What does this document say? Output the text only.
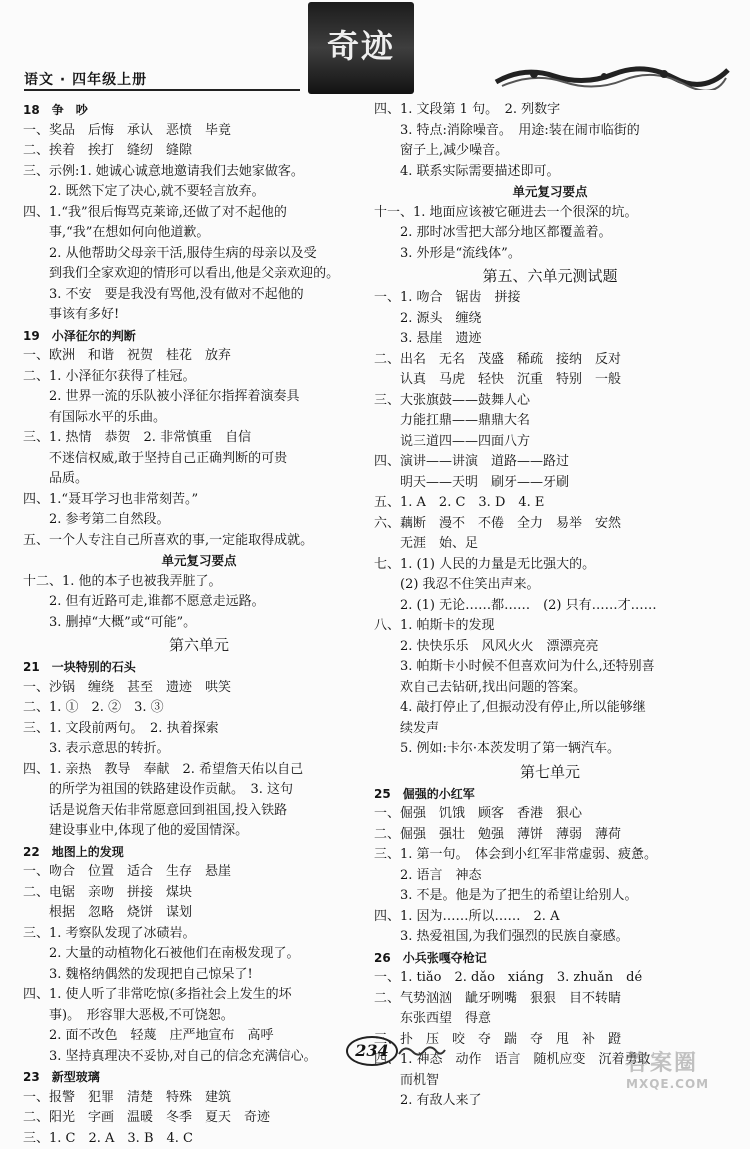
语文 · 四年级上册
奇迹
18　争　吵
一、奖品　后悔　承认　恶愤　毕竟
二、挨着　挨打　缝纫　缝隙
三、示例:1. 她诚心诚意地邀请我们去她家做客。
　　2. 既然下定了决心,就不要轻言放弃。
四、1.“我”很后悔骂克莱谛,还做了对不起他的
　　事,“我”在想如何向他道歉。
　　2. 从他帮助父母亲干活,服侍生病的母亲以及受
　　到我们全家欢迎的情形可以看出,他是父亲欢迎的。
　　3. 不安　要是我没有骂他,没有做对不起他的
　　事该有多好!
19　小泽征尔的判断
一、欧洲　和谐　祝贺　桂花　放弃
二、1. 小泽征尔获得了桂冠。
　　2. 世界一流的乐队被小泽征尔指挥着演奏具
　　有国际水平的乐曲。
三、1. 热情　恭贺　2. 非常慎重　自信
　　不迷信权威,敢于坚持自己正确判断的可贵
　　品质。
四、1.“聂耳学习也非常刻苦。”
　　2. 参考第二自然段。
五、一个人专注自己所喜欢的事,一定能取得成就。
单元复习要点
十二、1. 他的本子也被我弄脏了。
　　2. 但有近路可走,谁都不愿意走远路。
　　3. 删掉“大概”或“可能”。
第六单元
21　一块特别的石头
一、沙锅　缠绕　甚至　遗迹　哄笑
二、1. ①　2. ②　3. ③
三、1. 文段前两句。　2. 执着探索
　　3. 表示意思的转折。
四、1. 亲热　教导　奉献　2. 希望詹天佑以自己
　　的所学为祖国的铁路建设作贡献。　3. 这句
　　话是说詹天佑非常愿意回到祖国,投入铁路
　　建设事业中,体现了他的爱国情深。
22　地图上的发现
一、吻合　位置　适合　生存　悬崖
二、电锯　亲吻　拼接　煤块
　　根据　忽略　烧饼　谋划
三、1. 考察队发现了冰碛岩。
　　2. 大量的动植物化石被他们在南极发现了。
　　3. 魏格纳偶然的发现把自己惊呆了!
四、1. 使人听了非常吃惊(多指社会上发生的坏
　　事)。　形容罪大恶极,不可饶恕。
　　2. 面不改色　轻蔑　庄严地宣布　高呼
　　3. 坚持真理决不妥协,对自己的信念充满信心。
23　新型玻璃
一、报警　犯罪　清楚　特殊　建筑
二、阳光　字画　温暖　冬季　夏天　奇迹
三、1. C　2. A　3. B　4. C
四、1. 文段第 1 句。　2. 列数字
　　3. 特点:消除噪音。　用途:装在闹市临街的
　　窗子上,减少噪音。
　　4. 联系实际需要描述即可。
单元复习要点
十一、1. 地面应该被它砸进去一个很深的坑。
　　2. 那时冰雪把大部分地区都覆盖着。
　　3. 外形是“流线体”。
第五、六单元测试题
一、1. 吻合　锯齿　拼接
　　2. 源头　缠绕
　　3. 悬崖　遗迹
二、出名　无名　茂盛　稀疏　接纳　反对
　　认真　马虎　轻快　沉重　特别　一般
三、大张旗鼓——鼓舞人心
　　力能扛鼎——鼎鼎大名
　　说三道四——四面八方
四、演讲——讲演　道路——路过
　　明天——天明　刷牙——牙刷
五、1. A　2. C　3. D　4. E
六、藕断　漫不　不倦　全力　易举　安然
　　无涯　始、足
七、1. (1) 人民的力量是无比强大的。
　　(2) 我忍不住笑出声来。
　　2. (1) 无论……都……　(2) 只有……才……
八、1. 帕斯卡的发现
　　2. 快快乐乐　风风火火　漂漂亮亮
　　3. 帕斯卡小时候不但喜欢问为什么,还特别喜
　　欢自己去钻研,找出问题的答案。
　　4. 敲打停止了,但振动没有停止,所以能够继
　　续发声
　　5. 例如:卡尔·本茨发明了第一辆汽车。
第七单元
25　倔强的小红军
一、倔强　饥饿　顾客　香港　狠心
二、倔强　强壮　勉强　薄饼　薄弱　薄荷
三、1. 第一句。　体会到小红军非常虚弱、疲惫。
　　2. 语言　神态
　　3. 不是。他是为了把生的希望让给别人。
四、1. 因为……所以……　2. A
　　3. 热爱祖国,为我们强烈的民族自豪感。
26　小兵张嘎夺枪记
一、1. tiǎo　2. dǎo　xiáng　3. zhuǎn　dé
二、气势汹汹　龇牙咧嘴　狠狠　目不转睛
　　东张西望　得意
三、扑　压　咬　夺　踹　夺　甩　补　蹬
四、1. 神态　动作　语言　随机应变　沉着勇敢
　　而机智
　　2. 有敌人来了
234
答案圈
MXQE.COM
